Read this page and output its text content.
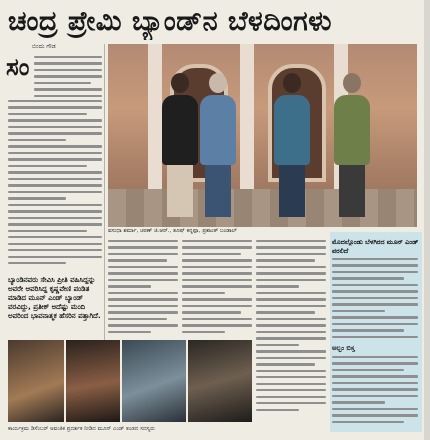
ಚಂದ್ರ ಪ್ರೇಮಿ ಬ್ಯಾಂಡ್‌ನ ಬೆಳದಿಂಗಳು
ಬಿಂದು ಗೌಡ
ಸಂ
ವಸುಧಾ ಶರ್ಮಾ, ಚರಣ್ ಜಿ.ಆರ್., ತೂಷ್ ಕನ್ನಪ್ಪಾ, ಪ್ರಶಾಂತ್ ಬಂಡಾಲ್
ಮೊದಲ್ಗೊಂಡು ಬೆಳಗಿರದ ಮೂನ್ ಎಂಡ್ ವರಲಿದೆ
ಅಲ್ಬಂ ಬಿಸ್ತ
ಬ್ಯಾಂಡಿನವರು ಸೇವಿಸಿ ಪ್ರೀತಿ ವಹಿಸಿದ್ದನ್ನು ಅವರೇ ಆವರಿಸಿದ್ದ ಕೃಷ್ಣವೇಣಿ ಪಂಡಿತ ಮಾಡಿದ ಮೂನ್ ಎಂಡ್ ಬ್ಯಾಂಡ್ ವರವಿದ್ದು, ಪ್ರತೀಕ್ ಅದೆಷ್ಟು ಮಂದಿ ಅವರಿಂದ ಭಾವನಾತ್ಮಕ ಹೆಸರಿನ ಪತ್ತಾಗಿದೆ.
ಕಾರ್ಯಕ್ರಮ ಡಿಸೆಂಬರ್ ಅವಂತಿಕ ಪ್ರದರ್ಶಕ ನೀಡಿದ ಮೂನ್ ಎಂಡ್ ತಂಡದ ಸದಸ್ಯರು
